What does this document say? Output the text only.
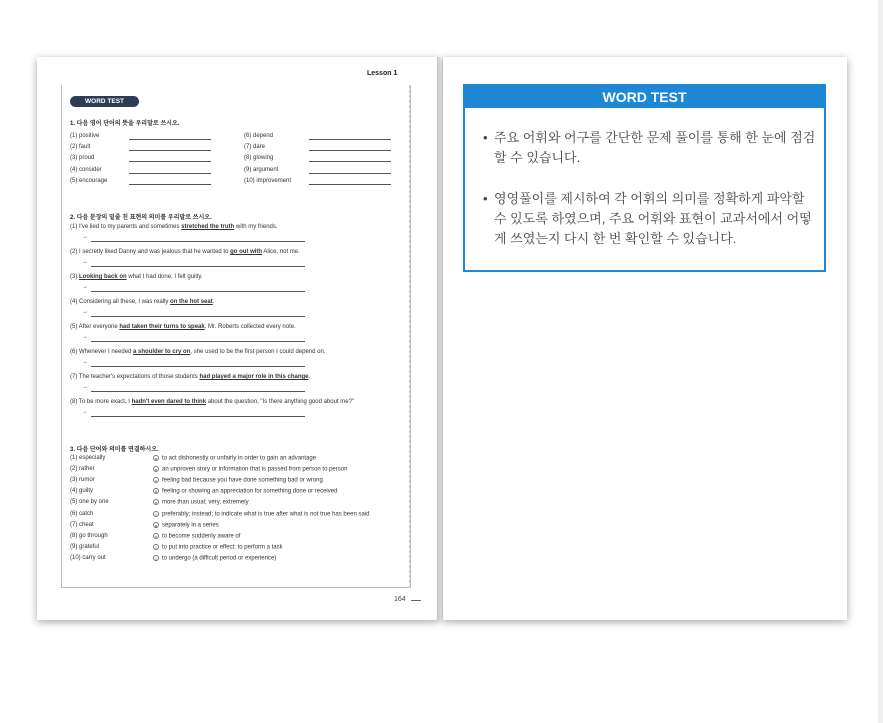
Lesson 1
WORD TEST
1. 다음 영어 단어의 뜻을 우리말로 쓰시오.
(1) positive
(2) fault
(3) proud
(4) consider
(5) encourage
(6) depend
(7) dare
(8) glowing
(9) argument
(10) improvement
2. 다음 문장의 밑줄 친 표현의 의미를 우리말로 쓰시오.
(1) I've lied to my parents and sometimes stretched the truth with my friends.
→
(2) I secretly liked Danny and was jealous that he wanted to go out with Alice, not me.
→
(3) Looking back on what I had done, I felt guilty.
→
(4) Considering all these, I was really on the hot seat.
→
(5) After everyone had taken their turns to speak, Mr. Roberts collected every note.
→
(6) Whenever I needed a shoulder to cry on, she used to be the first person I could depend on.
→
(7) The teacher's expectations of those students had played a major role in this change.
→
(8) To be more exact, I hadn't even dared to think about the question, "Is there anything good about me?"
→
3. 다음 단어와 의미를 연결하시오.
(1) especially	a to act dishonestly or unfairly in order to gain an advantage
(2) rather	b an unproven story or information that is passed from person to person
(3) rumor	c feeling bad because you have done something bad or wrong
(4) guilty	d feeling or showing an appreciation for something done or received
(5) one by one	e more than usual; very, extremely
(6) catch	f preferably; instead; to indicate what is true after what is not true has been said
(7) cheat	g separately in a series
(8) go through	h to become suddenly aware of
(9) grateful	i to put into practice or effect; to perform a task
(10) carry out	j to undergo (a difficult period or experience)
164
WORD TEST
• 주요 어휘와 어구를 간단한 문제 풀이를 통해 한 눈에 점검할 수 있습니다.
• 영영풀이를 제시하여 각 어휘의 의미를 정확하게 파악할 수 있도록 하였으며, 주요 어휘와 표현이 교과서에서 어떻게 쓰였는지 다시 한 번 확인할 수 있습니다.
